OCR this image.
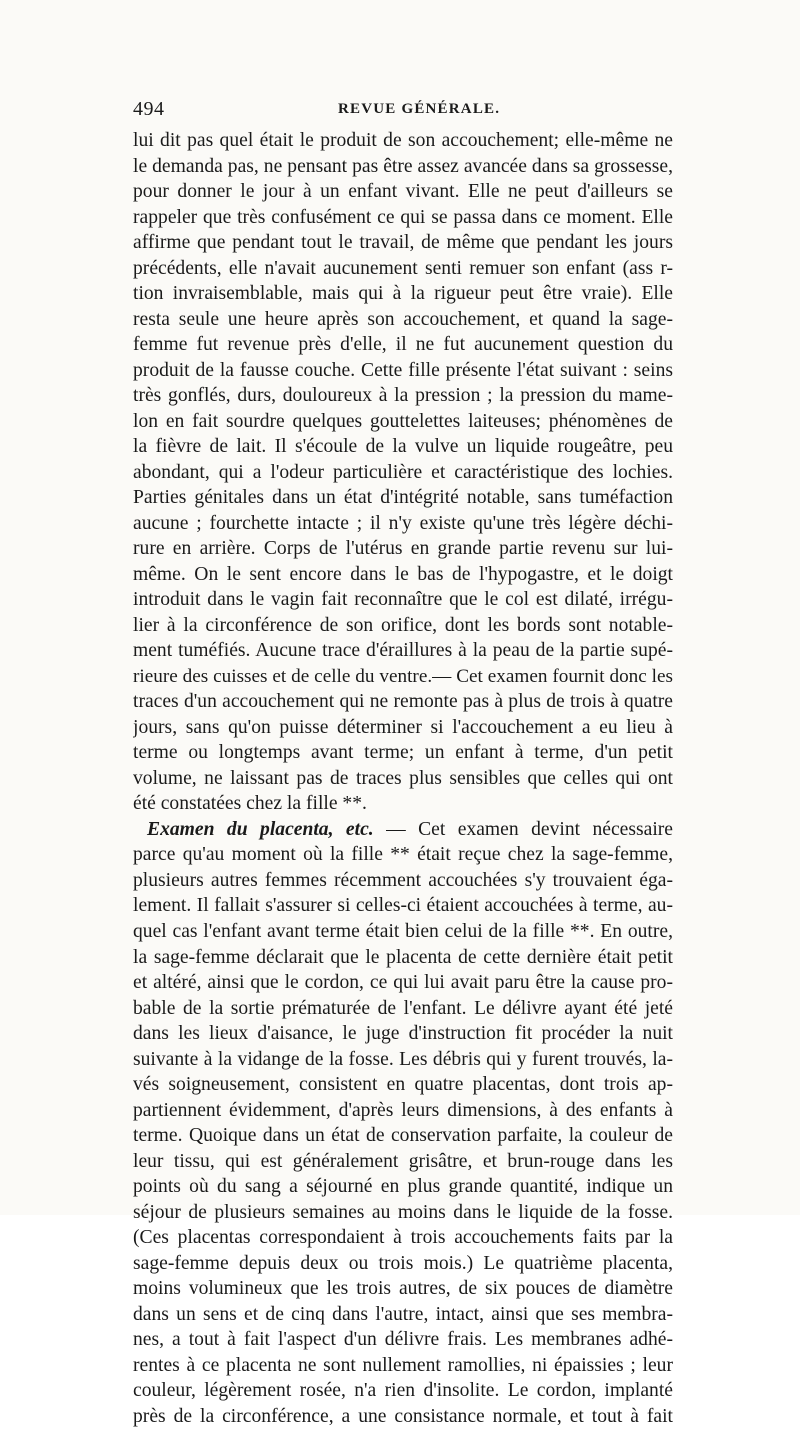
494	REVUE GÉNÉRALE.
lui dit pas quel était le produit de son accouchement; elle-même ne
le demanda pas, ne pensant pas être assez avancée dans sa grossesse,
pour donner le jour à un enfant vivant. Elle ne peut d'ailleurs se
rappeler que très confusément ce qui se passa dans ce moment. Elle
affirme que pendant tout le travail, de même que pendant les jours
précédents, elle n'avait aucunement senti remuer son enfant (ass r-
tion invraisemblable, mais qui à la rigueur peut être vraie). Elle
resta seule une heure après son accouchement, et quand la sage-
femme fut revenue près d'elle, il ne fut aucunement question du
produit de la fausse couche. Cette fille présente l'état suivant : seins
très gonflés, durs, douloureux à la pression ; la pression du mame-
lon en fait sourdre quelques gouttelettes laiteuses; phénomènes de
la fièvre de lait. Il s'écoule de la vulve un liquide rougeâtre, peu
abondant, qui a l'odeur particulière et caractéristique des lochies.
Parties génitales dans un état d'intégrité notable, sans tuméfaction
aucune ; fourchette intacte ; il n'y existe qu'une très légère déchi-
rure en arrière. Corps de l'utérus en grande partie revenu sur lui-
même. On le sent encore dans le bas de l'hypogastre, et le doigt
introduit dans le vagin fait reconnaître que le col est dilaté, irrégu-
lier à la circonférence de son orifice, dont les bords sont notable-
ment tuméfiés. Aucune trace d'éraillures à la peau de la partie supé-
rieure des cuisses et de celle du ventre.— Cet examen fournit donc les
traces d'un accouchement qui ne remonte pas à plus de trois à quatre
jours, sans qu'on puisse déterminer si l'accouchement a eu lieu à
terme ou longtemps avant terme; un enfant à terme, d'un petit
volume, ne laissant pas de traces plus sensibles que celles qui ont
été constatées chez la fille **.
Examen du placenta, etc. — Cet examen devint nécessaire
parce qu'au moment où la fille ** était reçue chez la sage-femme,
plusieurs autres femmes récemment accouchées s'y trouvaient éga-
lement. Il fallait s'assurer si celles-ci étaient accouchées à terme, au-
quel cas l'enfant avant terme était bien celui de la fille **. En outre,
la sage-femme déclarait que le placenta de cette dernière était petit
et altéré, ainsi que le cordon, ce qui lui avait paru être la cause pro-
bable de la sortie prématurée de l'enfant. Le délivre ayant été jeté
dans les lieux d'aisance, le juge d'instruction fit procéder la nuit
suivante à la vidange de la fosse. Les débris qui y furent trouvés, la-
vés soigneusement, consistent en quatre placentas, dont trois ap-
partiennent évidemment, d'après leurs dimensions, à des enfants à
terme. Quoique dans un état de conservation parfaite, la couleur de
leur tissu, qui est généralement grisâtre, et brun-rouge dans les
points où du sang a séjourné en plus grande quantité, indique un
séjour de plusieurs semaines au moins dans le liquide de la fosse.
(Ces placentas correspondaient à trois accouchements faits par la
sage-femme depuis deux ou trois mois.) Le quatrième placenta,
moins volumineux que les trois autres, de six pouces de diamètre
dans un sens et de cinq dans l'autre, intact, ainsi que ses membra-
nes, a tout à fait l'aspect d'un délivre frais. Les membranes adhé-
rentes à ce placenta ne sont nullement ramollies, ni épaissies ; leur
couleur, légèrement rosée, n'a rien d'insolite. Le cordon, implanté
près de la circonférence, a une consistance normale, et tout à fait
